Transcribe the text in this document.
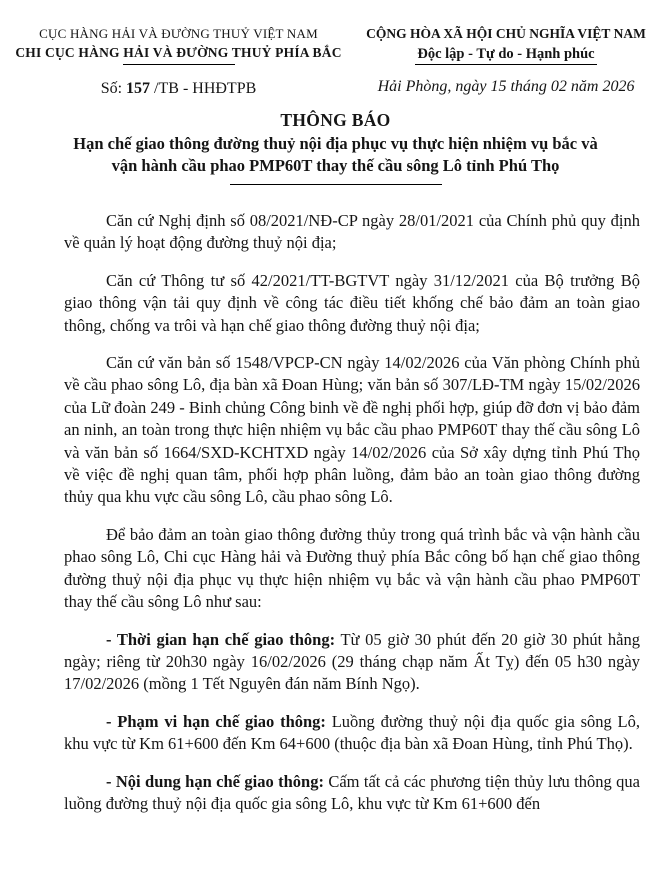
CỤC HÀNG HẢI VÀ ĐƯỜNG THUỶ VIỆT NAM
CHI CỤC HÀNG HẢI VÀ ĐƯỜNG THUỶ PHÍA BẮC
Số: 157 /TB - HHĐTPB
CỘNG HÒA XÃ HỘI CHỦ NGHĨA VIỆT NAM
Độc lập - Tự do - Hạnh phúc
Hải Phòng, ngày 15 tháng 02 năm 2026
THÔNG BÁO
Hạn chế giao thông đường thuỷ nội địa phục vụ thực hiện nhiệm vụ bắc và vận hành cầu phao PMP60T thay thế cầu sông Lô tỉnh Phú Thọ

Căn cứ Nghị định số 08/2021/NĐ-CP ngày 28/01/2021 của Chính phủ quy định về quản lý hoạt động đường thuỷ nội địa;

Căn cứ Thông tư số 42/2021/TT-BGTVT ngày 31/12/2021 của Bộ trưởng Bộ giao thông vận tải quy định về công tác điều tiết khống chế bảo đảm an toàn giao thông, chống va trôi và hạn chế giao thông đường thuỷ nội địa;

Căn cứ văn bản số 1548/VPCP-CN ngày 14/02/2026 của Văn phòng Chính phủ về cầu phao sông Lô, địa bàn xã Đoan Hùng; văn bản số 307/LĐ-TM ngày 15/02/2026 của Lữ đoàn 249 - Binh chủng Công binh về đề nghị phối hợp, giúp đỡ đơn vị bảo đảm an ninh, an toàn trong thực hiện nhiệm vụ bắc cầu phao PMP60T thay thế cầu sông Lô và văn bản số 1664/SXD-KCHTXD ngày 14/02/2026 của Sở xây dựng tỉnh Phú Thọ về việc đề nghị quan tâm, phối hợp phân luồng, đảm bảo an toàn giao thông đường thủy qua khu vực cầu sông Lô, cầu phao sông Lô.

Để bảo đảm an toàn giao thông đường thủy trong quá trình bắc và vận hành cầu phao sông Lô, Chi cục Hàng hải và Đường thuỷ phía Bắc công bố hạn chế giao thông đường thuỷ nội địa phục vụ thực hiện nhiệm vụ bắc và vận hành cầu phao PMP60T thay thế cầu sông Lô như sau:

- Thời gian hạn chế giao thông: Từ 05 giờ 30 phút đến 20 giờ 30 phút hằng ngày; riêng từ 20h30 ngày 16/02/2026 (29 tháng chạp năm Ất Tỵ) đến 05 h30 ngày 17/02/2026 (mồng 1 Tết Nguyên đán năm Bính Ngọ).

- Phạm vi hạn chế giao thông: Luồng đường thuỷ nội địa quốc gia sông Lô, khu vực từ Km 61+600 đến Km 64+600 (thuộc địa bàn xã Đoan Hùng, tỉnh Phú Thọ).

- Nội dung hạn chế giao thông: Cấm tất cả các phương tiện thủy lưu thông qua luồng đường thuỷ nội địa quốc gia sông Lô, khu vực từ Km 61+600 đến
